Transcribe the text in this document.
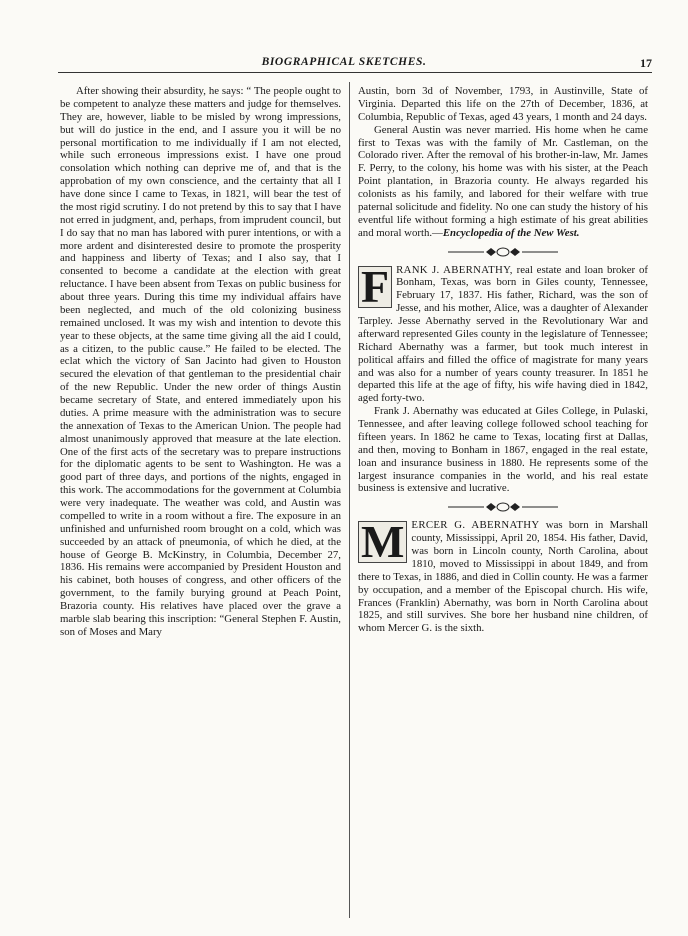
BIOGRAPHICAL SKETCHES.	17

After showing their absurdity, he says: “ The people ought to be competent to analyze these matters and judge for themselves. They are, however, liable to be misled by wrong impressions, but will do justice in the end, and I assure you it will be no personal mortification to me individually if I am not elected, while such erroneous impressions exist. I have one proud consolation which nothing can deprive me of, and that is the approbation of my own conscience, and the certainty that all I have done since I came to Texas, in 1821, will bear the test of the most rigid scrutiny. I do not pretend by this to say that I have not erred in judgment, and, perhaps, from imprudent council, but I do say that no man has labored with purer intentions, or with a more ardent and disinterested desire to promote the prosperity and happiness and liberty of Texas; and I also say, that I consented to become a candidate at the election with great reluctance. I have been absent from Texas on public business for about three years. During this time my individual affairs have been neglected, and much of the old colonizing business remained unclosed. It was my wish and intention to devote this year to these objects, at the same time giving all the aid I could, as a citizen, to the public cause.” He failed to be elected. The eclat which the victory of San Jacinto had given to Houston secured the elevation of that gentleman to the presidential chair of the new Republic. Under the new order of things Austin became secretary of State, and entered immediately upon his duties. A prime measure with the administration was to secure the annexation of Texas to the American Union. The people had almost unanimously approved that measure at the late election. One of the first acts of the secretary was to prepare instructions for the diplomatic agents to be sent to Washington. He was a good part of three days, and portions of the nights, engaged in this work. The accommodations for the government at Columbia were very inadequate. The weather was cold, and Austin was compelled to write in a room without a fire. The exposure in an unfinished and unfurnished room brought on a cold, which was succeeded by an attack of pneumonia, of which he died, at the house of George B. McKinstry, in Columbia, December 27, 1836. His remains were accompanied by President Houston and his cabinet, both houses of congress, and other officers of the government, to the family burying ground at Peach Point, Brazoria county. His relatives have placed over the grave a marble slab bearing this inscription: “General Stephen F. Austin, son of Moses and Mary

Austin, born 3d of November, 1793, in Austinville, State of Virginia. Departed this life on the 27th of December, 1836, at Columbia, Republic of Texas, aged 43 years, 1 month and 24 days.

General Austin was never married. His home when he came first to Texas was with the family of Mr. Castleman, on the Colorado river. After the removal of his brother-in-law, Mr. James F. Perry, to the colony, his home was with his sister, at the Peach Point plantation, in Brazoria county. He always regarded his colonists as his family, and labored for their welfare with true paternal solicitude and fidelity. No one can study the history of his eventful life without forming a high estimate of his great abilities and moral worth.—Encyclopedia of the New West.

F RANK J. ABERNATHY, real estate and loan broker of Bonham, Texas, was born in Giles county, Tennessee, February 17, 1837. His father, Richard, was the son of Jesse, and his mother, Alice, was a daughter of Alexander Tarpley. Jesse Abernathy served in the Revolutionary War and afterward represented Giles county in the legislature of Tennessee; Richard Abernathy was a farmer, but took much interest in political affairs and filled the office of magistrate for many years and was also for a number of years county treasurer. In 1851 he departed this life at the age of fifty, his wife having died in 1842, aged forty-two.

Frank J. Abernathy was educated at Giles College, in Pulaski, Tennessee, and after leaving college followed school teaching for fifteen years. In 1862 he came to Texas, locating first at Dallas, and then, moving to Bonham in 1867, engaged in the real estate, loan and insurance business in 1880. He represents some of the largest insurance companies in the world, and his real estate business is extensive and lucrative.

M ERCER G. ABERNATHY was born in Marshall county, Mississippi, April 20, 1854. His father, David, was born in Lincoln county, North Carolina, about 1810, moved to Mississippi in about 1849, and from there to Texas, in 1886, and died in Collin county. He was a farmer by occupation, and a member of the Episcopal church. His wife, Frances (Franklin) Abernathy, was born in North Carolina about 1825, and still survives. She bore her husband nine children, of whom Mercer G. is the sixth.
